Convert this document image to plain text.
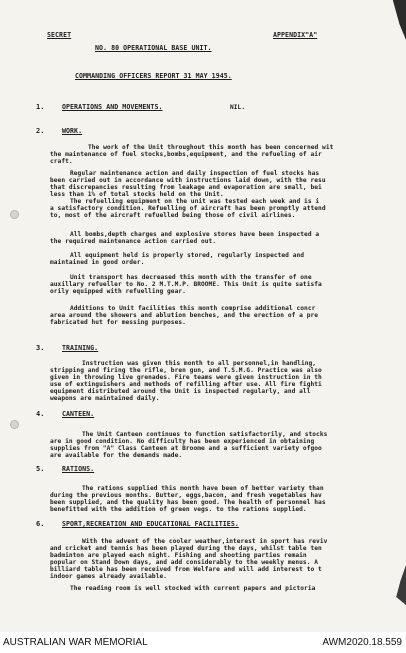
SECRET	APPENDIX"A"
NO. 80 OPERATIONAL BASE UNIT.
COMMANDING OFFICERS REPORT 31 MAY 1945.
1.	OPERATIONS AND MOVEMENTS.	NIL.
2.	WORK.
The work of the Unit throughout this month has been concerned wit
the maintenance of fuel stocks,bombs,equipment, and the refueling of air
craft.
Regular maintenance action and daily inspection of fuel stocks has
been carried out in accordance with instructions laid down, with the resu
that discrepancies resulting from leakage and evaporation are small, bei
less than 1% of total stocks held on the Unit.
The refuelling equipment on the unit was tested each week and is i
a satisfactory condition. Refuelling of aircraft has been promptly attend
to, most of the aircraft refuelled being those of civil airlines.
All bombs,depth charges and explosive stores have been inspected a
the required maintenance action carried out.
All equipment held is properly stored, regularly inspected and
maintained in good order.
Unit transport has decreased this month with the transfer of one
auxillary refueller to No. 2 M.T.M.P. BROOME. This Unit is quite satisfa
orily equipped with refuelling gear.
Additions to Unit facilities this month comprise additional concr
area around the showers and ablution benches, and the erection of a pre
fabricated hut for messing purposes.
3.	TRAINING.
Instruction was given this month to all personnel,in handling,
stripping and firing the rifle, bren gun, and T.S.M.G. Practice was also
given in throwing live grenades. Fire teams were given instruction in th
use of extinguishers and methods of refilling after use. All fire fighti
equipment distributed around the Unit is inspected regularly, and all
weapons are maintained daily.
4.	CANTEEN.
The Unit Canteen continues to function satisfactorily, and stocks
are in good condition. No difficulty has been experienced in obtaining
supplies from "A" Class Canteen at Broome and a sufficient variety ofgoo
are available for the demands made.
5.	RATIONS.
The rations supplied this month have been of better variety than
during the previous months. Butter, eggs,bacon, and fresh vegetables hav
been supplied, and the quality has been good. The health of personnel has
benefitted with the addition of green vegs. to the rations supplied.
6.	SPORT,RECREATION AND EDUCATIONAL FACILITIES.
With the advent of the cooler weather,interest in sport has reviv
and cricket and tennis has been played during the days, whilst table ten
badminton are played each night. Fishing and shooting parties remain
popular on Stand Down days, and add considerably to the weekly menus. A
billiard table has been received from Welfare and will add interest to t
indoor games already available.
The reading room is well stocked with current papers and pictoria
AUSTRALIAN WAR MEMORIAL	AWM2020.18.559
